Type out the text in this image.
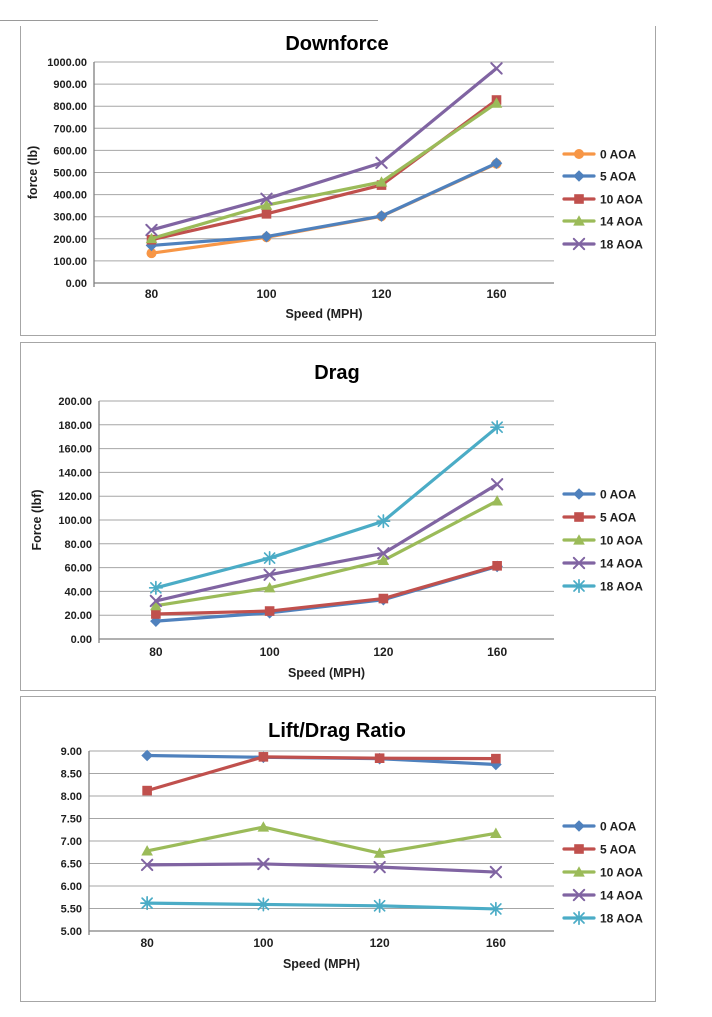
0.00
100.00
200.00
300.00
400.00
500.00
600.00
700.00
800.00
900.00
1000.00
Downforce
80	100	120	160
Speed (MPH)
force (lb)	0 AOA
5 AOA
10 AOA
14 AOA
18 AOA
0.00
20.00
40.00
60.00
80.00
100.00
120.00
140.00
160.00
180.00
200.00
Drag
80	100	120	160
Speed (MPH)
Force (lbf)	0 AOA
5 AOA
10 AOA
14 AOA
18 AOA
5.00
5.50
6.00
6.50
7.00
7.50
8.00
8.50
9.00
Lift/Drag Ratio
80	100	120	160
Speed (MPH)
0 AOA
5 AOA
10 AOA
14 AOA
18 AOA
